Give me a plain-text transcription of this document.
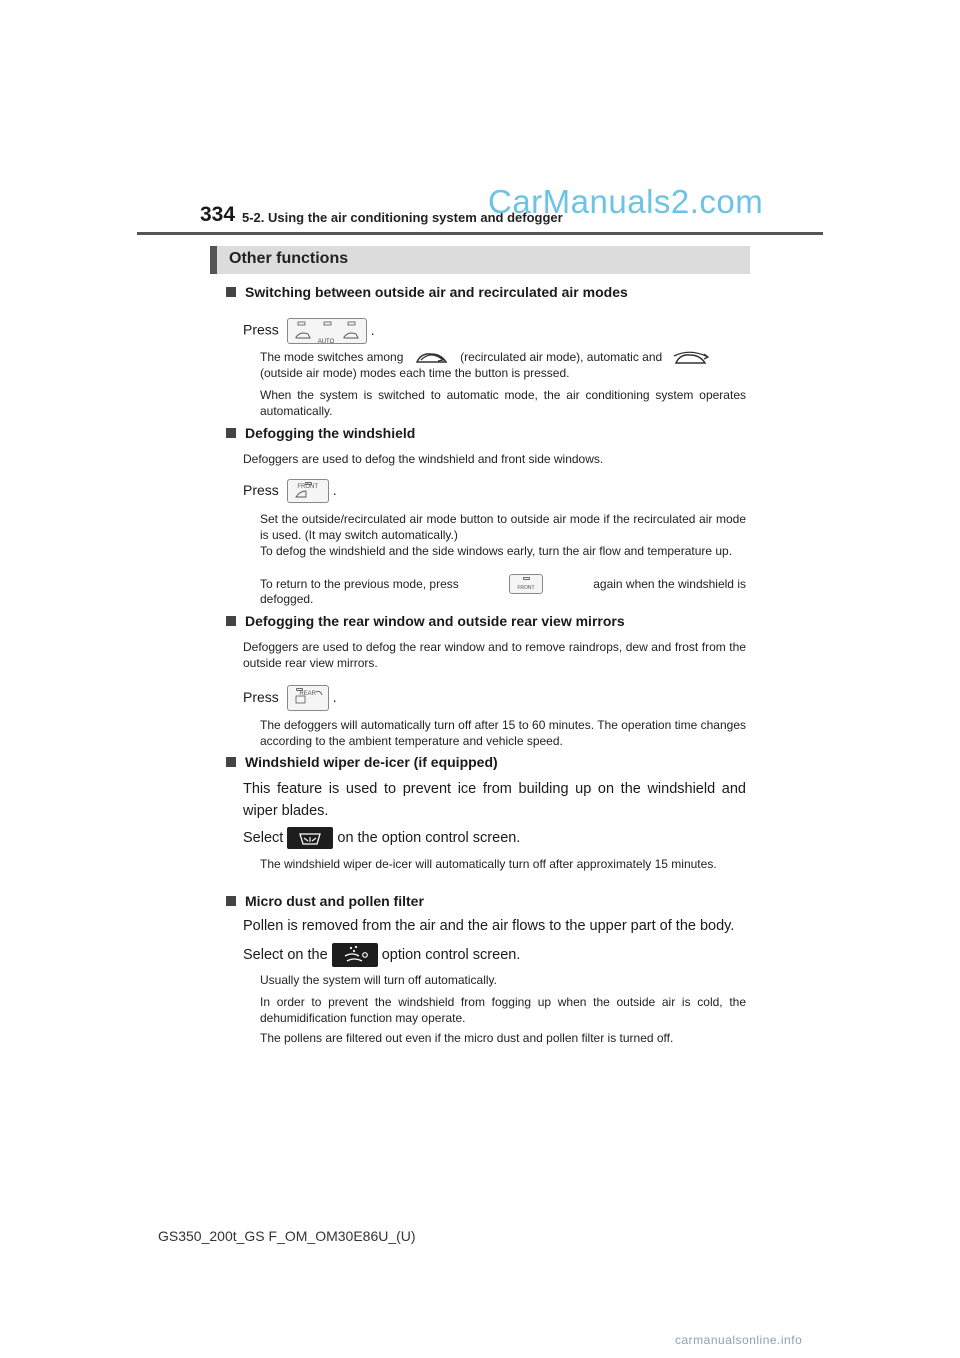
334 5-2. Using the air conditioning system and defogger
CarManuals2.com
Other functions
Switching between outside air and recirculated air modes
Press
AUTO
.
The mode switches among	(recirculated air mode), automatic and
(outside air mode) modes each time the button is pressed.
When the system is switched to automatic mode, the air conditioning system operates automatically.
Defogging the windshield
Defoggers are used to defog the windshield and front side windows.
Press	FRONT	.
Set the outside/recirculated air mode button to outside air mode if the recirculated air mode is used. (It may switch automatically.)
To defog the windshield and the side windows early, turn the air flow and temperature up.
To return to the previous mode, press	FRONT	again when the windshield is
defogged.
Defogging the rear window and outside rear view mirrors
Defoggers are used to defog the rear window and to remove raindrops, dew and frost from the outside rear view mirrors.
Press	REAR	.
The defoggers will automatically turn off after 15 to 60 minutes. The operation time changes according to the ambient temperature and vehicle speed.
Windshield wiper de-icer (if equipped)
This feature is used to prevent ice from building up on the windshield and wiper blades.
Select	on the option control screen.
The windshield wiper de-icer will automatically turn off after approximately 15 minutes.
Micro dust and pollen filter
Pollen is removed from the air and the air flows to the upper part of the body.
Select on the	option control screen.
Usually the system will turn off automatically.
In order to prevent the windshield from fogging up when the outside air is cold, the dehumidification function may operate.
The pollens are filtered out even if the micro dust and pollen filter is turned off.
GS350_200t_GS F_OM_OM30E86U_(U)
carmanualsonline.info
